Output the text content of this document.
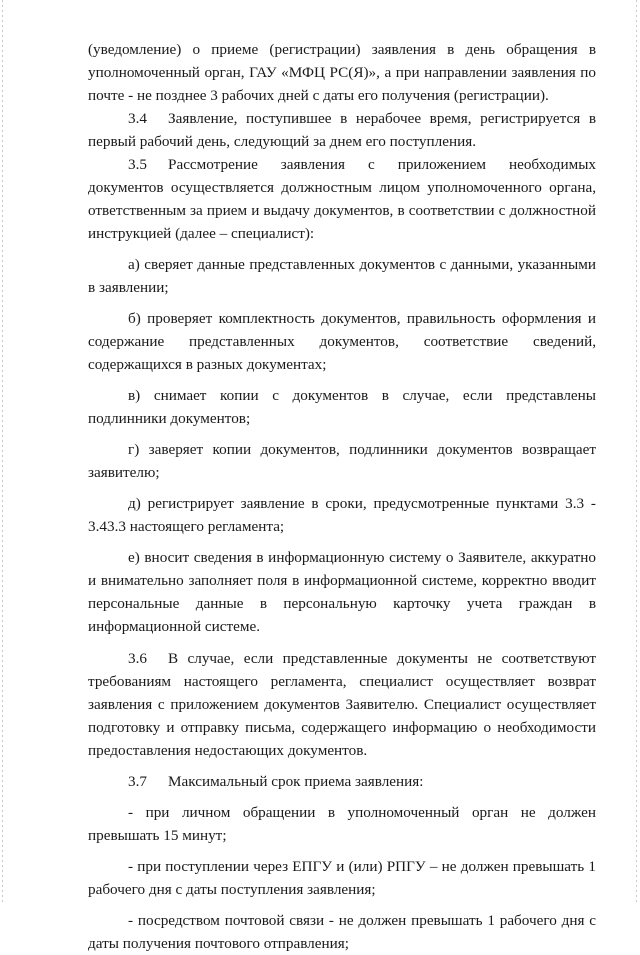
(уведомление) о приеме (регистрации) заявления в день обращения в уполномоченный орган, ГАУ «МФЦ РС(Я)», а при направлении заявления по почте - не позднее 3 рабочих дней с даты его получения (регистрации).

3.4 Заявление, поступившее в нерабочее время, регистрируется в первый рабочий день, следующий за днем его поступления.

3.5 Рассмотрение заявления с приложением необходимых документов осуществляется должностным лицом уполномоченного органа, ответственным за прием и выдачу документов, в соответствии с должностной инструкцией (далее – специалист):

а) сверяет данные представленных документов с данными, указанными в заявлении;

б) проверяет комплектность документов, правильность оформления и содержание представленных документов, соответствие сведений, содержащихся в разных документах;

в) снимает копии с документов в случае, если представлены подлинники документов;

г) заверяет копии документов, подлинники документов возвращает заявителю;

д) регистрирует заявление в сроки, предусмотренные пунктами 3.3 - 3.43.3 настоящего регламента;

е) вносит сведения в информационную систему о Заявителе, аккуратно и внимательно заполняет поля в информационной системе, корректно вводит персональные данные в персональную карточку учета граждан в информационной системе.

3.6 В случае, если представленные документы не соответствуют требованиям настоящего регламента, специалист осуществляет возврат заявления с приложением документов Заявителю. Специалист осуществляет подготовку и отправку письма, содержащего информацию о необходимости предоставления недостающих документов.

3.7 Максимальный срок приема заявления:

- при личном обращении в уполномоченный орган не должен превышать 15 минут;

- при поступлении через ЕПГУ и (или) РПГУ – не должен превышать 1 рабочего дня с даты поступления заявления;

- посредством почтовой связи - не должен превышать 1 рабочего дня с даты получения почтового отправления;
